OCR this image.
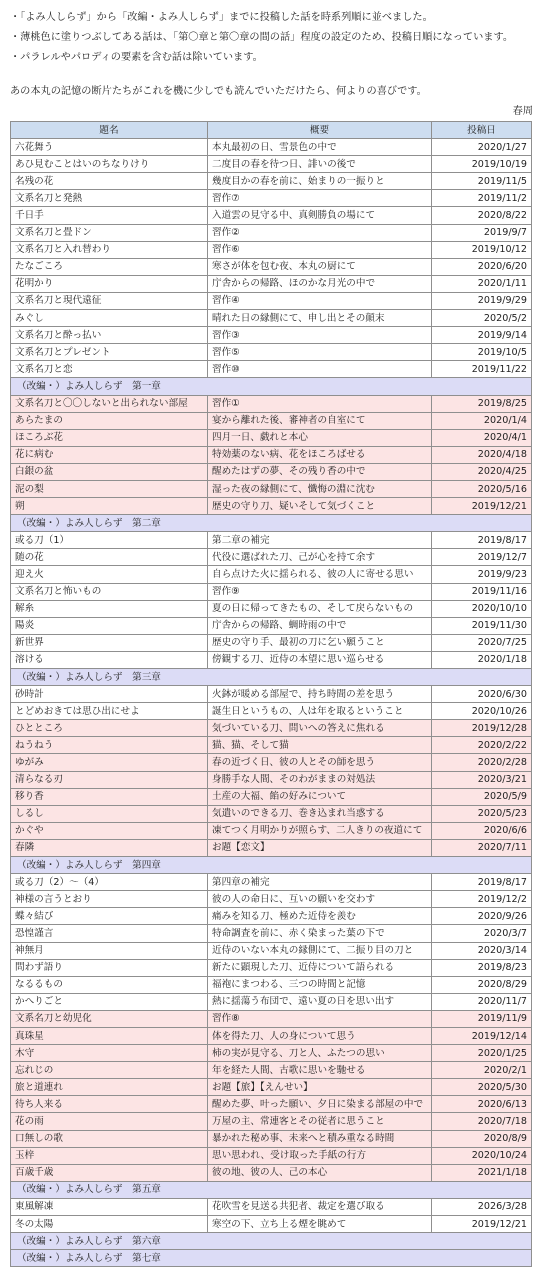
・「よみ人しらず」から「改編・よみ人しらず」までに投稿した話を時系列順に並べました。

・薄桃色に塗りつぶしてある話は、「第〇章と第〇章の間の話」程度の設定のため、投稿日順になっています。

・パラレルやパロディの要素を含む話は除いています。

あの本丸の記憶の断片たちがこれを機に少しでも読んでいただけたら、何よりの喜びです。

春周

題名	概要	投稿日
六花舞う	本丸最初の日、雪景色の中で	2020/1/27
あひ見むことはいのちなりけり	二度目の春を待つ日、誹いの後で	2019/10/19
名残の花	幾度目かの春を前に、始まりの一振りと	2019/11/5
文系名刀と発熱	習作⑦	2019/11/2
千日手	入道雲の見守る中、真剣勝負の場にて	2020/8/22
文系名刀と畳ドン	習作②	2019/9/7
文系名刀と入れ替わり	習作⑥	2019/10/12
たなごころ	寒さが体を包む夜、本丸の厨にて	2020/6/20
花明かり	庁舎からの帰路、ほのかな月光の中で	2020/1/11
文系名刀と現代遠征	習作④	2019/9/29
みぐし	晴れた日の縁側にて、申し出とその顛末	2020/5/2
文系名刀と酔っ払い	習作③	2019/9/14
文系名刀とプレゼント	習作⑤	2019/10/5
文系名刀と恋	習作⑩	2019/11/22
（改編・）よみ人しらず　第一章		
文系名刀と〇〇しないと出られない部屋	習作①	2019/8/25
あらたまの	宴から離れた後、審神者の自室にて	2020/1/4
ほころぶ花	四月一日、戯れと本心	2020/4/1
花に病む	特効薬のない病、花をほころばせる	2020/4/18
白銀の盆	醒めたはずの夢、その残り香の中で	2020/4/25
泥の梨	湿った夜の縁側にて、懺悔の淵に沈む	2020/5/16
朔	歴史の守り刀、疑いそして気づくこと	2019/12/21
（改編・）よみ人しらず　第二章		
或る刀（1）	第二章の補完	2019/8/17
随の花	代役に選ばれた刀、己が心を持て余す	2019/12/7
迎え火	自ら点けた火に揺られる、彼の人に寄せる思い	2019/9/23
文系名刀と怖いもの	習作⑨	2019/11/16
解糸	夏の日に帰ってきたもの、そして戻らないもの	2020/10/10
陽炎	庁舎からの帰路、蜩時雨の中で	2019/11/30
新世界	歴史の守り手、最初の刀に乞い願うこと	2020/7/25
溶ける	傍観する刀、近侍の本望に思い巡らせる	2020/1/18
（改編・）よみ人しらず　第三章		
砂時計	火鉢が暖める部屋で、持ち時間の差を思う	2020/6/30
とどめおきては思ひ出にせよ	誕生日というもの、人は年を取るということ	2020/10/26
ひとところ	気づいている刀、問いへの答えに焦れる	2019/12/28
ねうねう	猫、猫、そして猫	2020/2/22
ゆがみ	春の近づく日、彼の人とその師を思う	2020/2/28
清らなる刃	身勝手な人間、そのわがままの対処法	2020/3/21
移り香	土産の大福、餡の好みについて	2020/5/9
しるし	気遣いのできる刀、巻き込まれ当惑する	2020/5/23
かぐや	凍てつく月明かりが照らす、二人きりの夜道にて	2020/6/6
春隣	お題【恋文】	2020/7/11
（改編・）よみ人しらず　第四章		
或る刀（2）～（4）	第四章の補完	2019/8/17
神様の言うとおり	彼の人の命日に、互いの願いを交わす	2019/12/2
蝶々結び	痛みを知る刀、極めた近侍を羨む	2020/9/26
恐惶謹言	特命調査を前に、赤く染まった葉の下で	2020/3/7
神無月	近侍のいない本丸の縁側にて、二振り目の刀と	2020/3/14
問わず語り	新たに顕現した刀、近侍について語られる	2019/8/23
なるるもの	福袍にまつわる、三つの時間と記憶	2020/8/29
かへりごと	熱に揺蕩う布団で、遠い夏の日を思い出す	2020/11/7
文系名刀と幼児化	習作⑧	2019/11/9
真珠星	体を得た刀、人の身について思う	2019/12/14
木守	柿の実が見守る、刀と人、ふたつの思い	2020/1/25
忘れじの	年を経た人間、古歌に思いを馳せる	2020/2/1
旅と道連れ	お題【旅】【えんせい】	2020/5/30
待ち人来る	醒めた夢、叶った願い、夕日に染まる部屋の中で	2020/6/13
花の雨	万屋の主、常連客とその従者に思うこと	2020/7/18
口無しの歌	暴かれた秘め事、未来へと積み重なる時間	2020/8/9
玉梓	思い思われ、受け取った手紙の行方	2020/10/24
百歳千歳	彼の地、彼の人、己の本心	2021/1/18
（改編・）よみ人しらず　第五章		
東風解凍	花吹雪を見送る共犯者、裁定を選び取る	2026/3/28
冬の太陽	寒空の下、立ち上る煙を眺めて	2019/12/21
（改編・）よみ人しらず　第六章		
（改編・）よみ人しらず　第七章		
